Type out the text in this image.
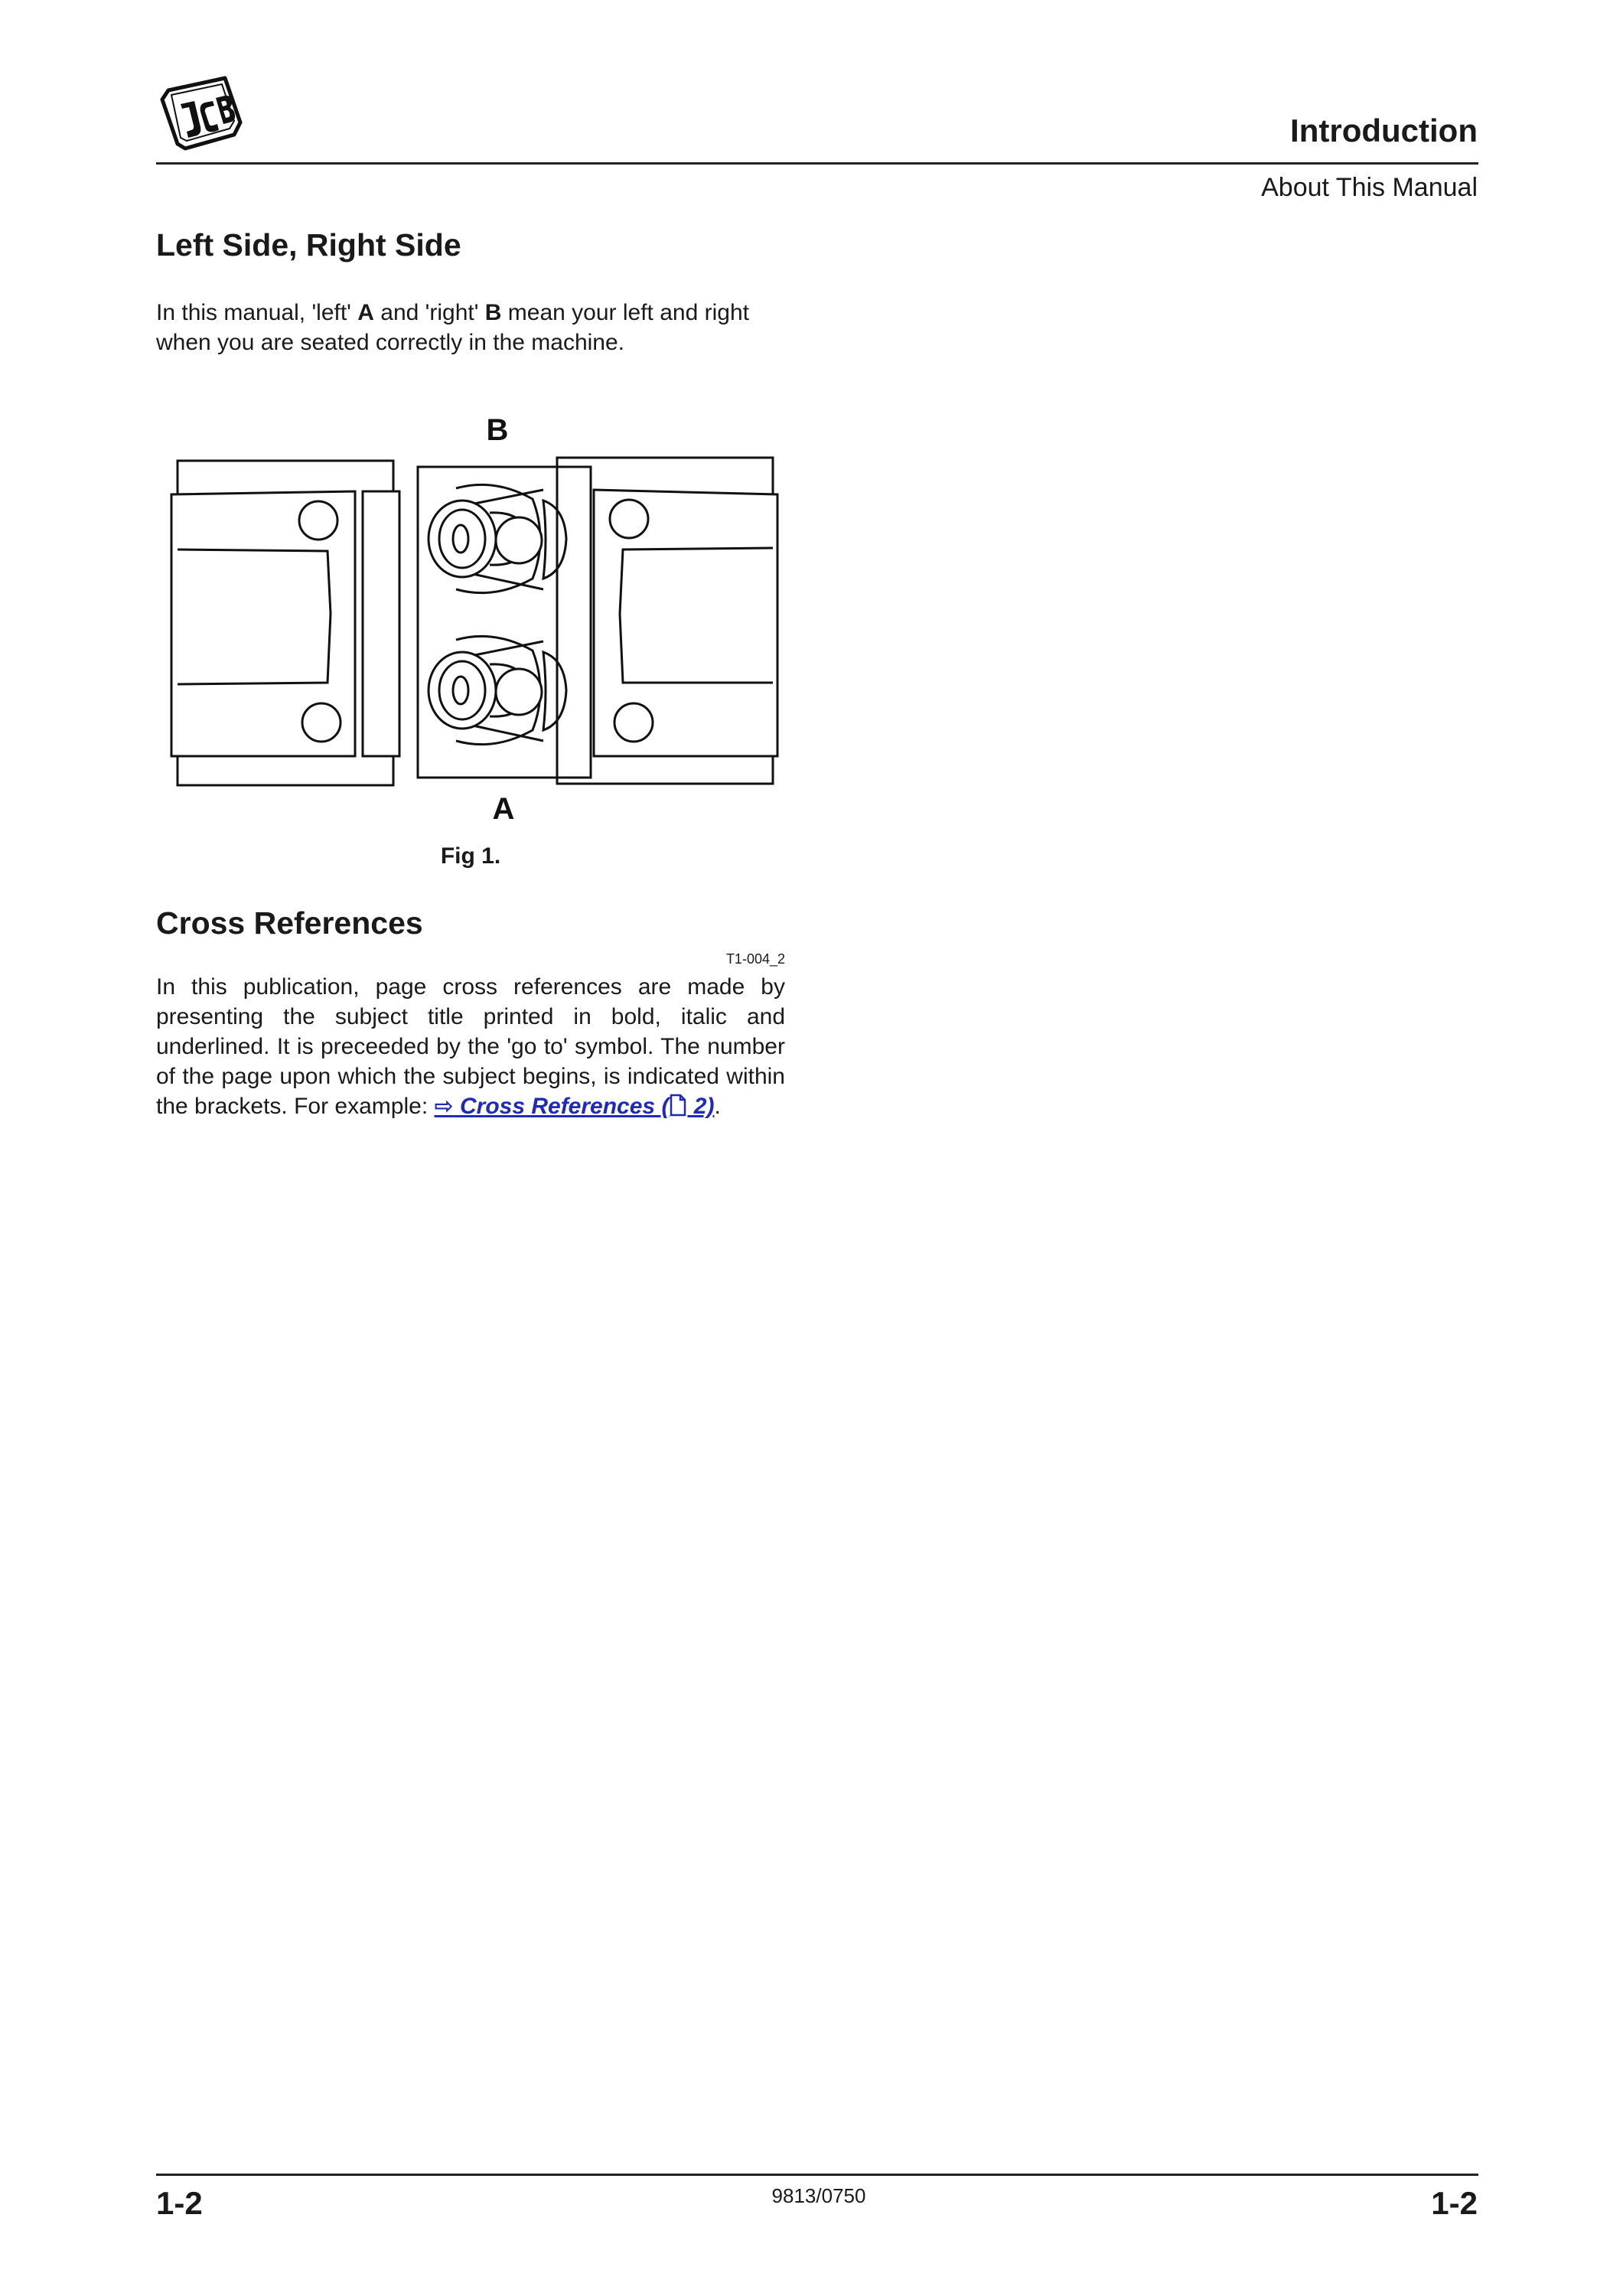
Introduction
About This Manual
Left Side, Right Side

In this manual, 'left' A and 'right' B mean your left and right when you are seated correctly in the machine.

B
A
Fig 1.
Cross References
T1-004_2

In this publication, page cross references are made by presenting the subject title printed in bold, italic and underlined. It is preceeded by the 'go to' symbol. The number of the page upon which the subject begins, is indicated within the brackets. For example: ⇨ Cross References ( 2).

1-2	9813/0750	1-2
